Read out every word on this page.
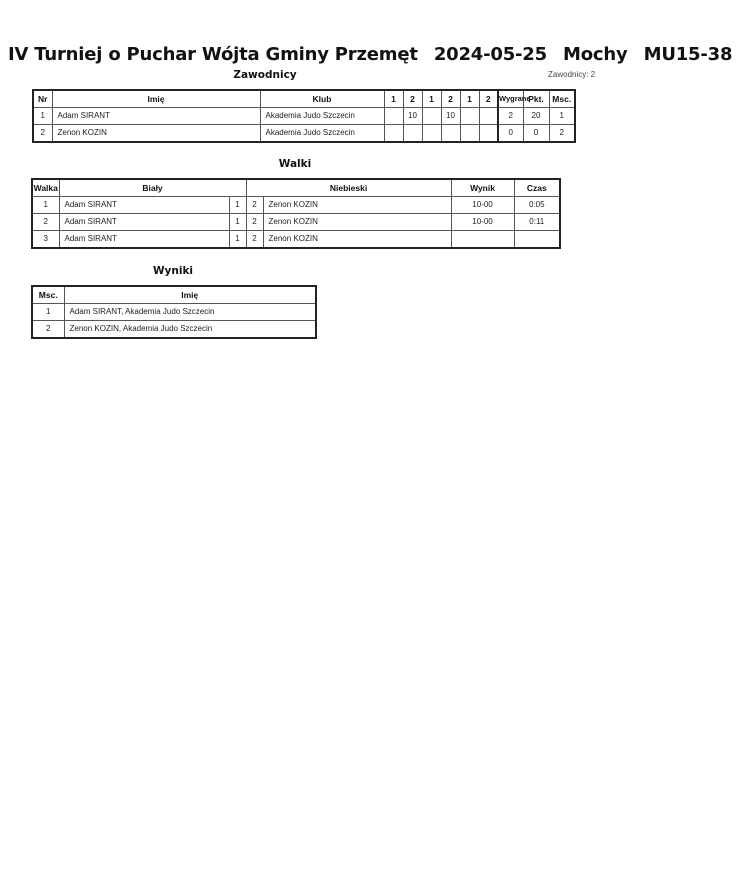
IV Turniej o Puchar Wójta Gminy Przemęt 2024-05-25 Mochy MU15-38
Zawodnicy	Zawodnicy: 2
Nr	Imię	Klub	1	2	1	2	1	2	Wygrane	Pkt.	Msc.
1	Adam SIRANT	Akademia Judo Szczecin		10		10			2	20	1
2	Zenon KOZIN	Akademia Judo Szczecin							0	0	2
Walki
Walka	Biały		Niebieski		Wynik	Czas
1	Adam SIRANT	1	2	Zenon KOZIN	10-00	0:05
2	Adam SIRANT	1	2	Zenon KOZIN	10-00	0:11
3	Adam SIRANT	1	2	Zenon KOZIN		
Wyniki
Msc.	Imię
1	Adam SIRANT, Akademia Judo Szczecin
2	Zenon KOZIN, Akademia Judo Szczecin
